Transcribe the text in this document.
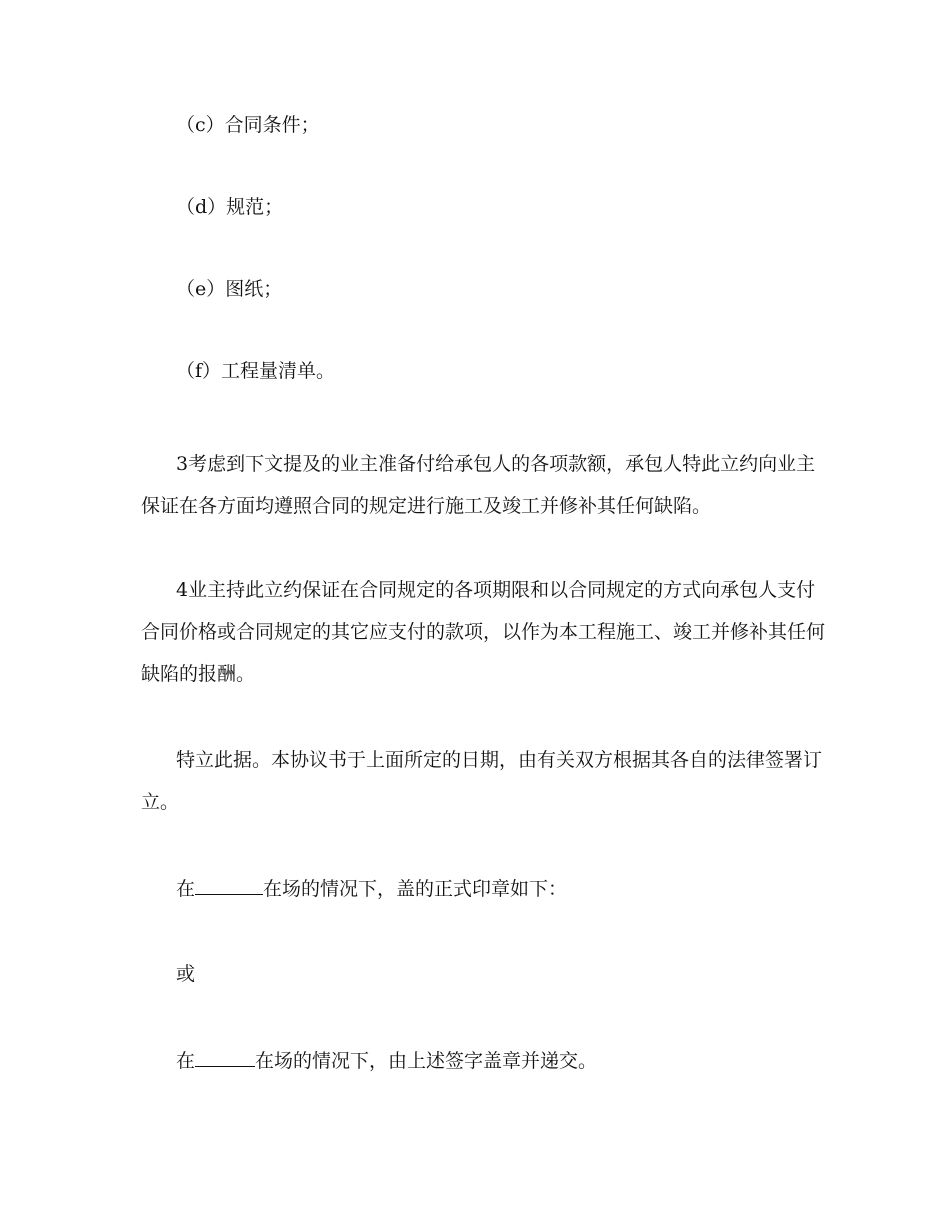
（c）合同条件；
（d）规范；
（e）图纸；
（f）工程量清单。
3考虑到下文提及的业主准备付给承包人的各项款额，承包人特此立约向业主
保证在各方面均遵照合同的规定进行施工及竣工并修补其任何缺陷。
4业主持此立约保证在合同规定的各项期限和以合同规定的方式向承包人支付
合同价格或合同规定的其它应支付的款项，以作为本工程施工、竣工并修补其任何
缺陷的报酬。
特立此据。本协议书于上面所定的日期，由有关双方根据其各自的法律签署订
立。
在	在场的情况下，盖的正式印章如下：
或
在	在场的情况下，由上述签字盖章并递交。
